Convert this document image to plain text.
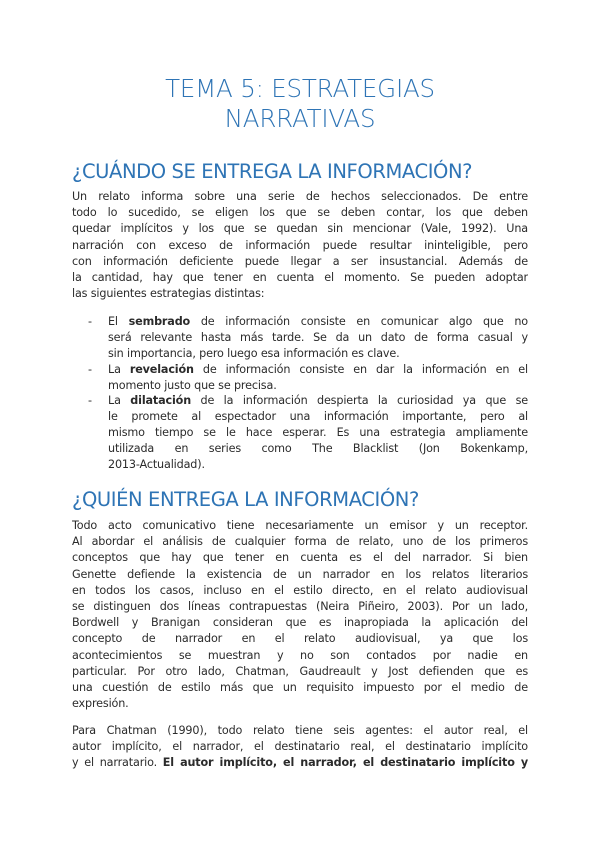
TEMA 5: ESTRATEGIAS
NARRATIVAS
¿CUÁNDO SE ENTREGA LA INFORMACIÓN?
Un relato informa sobre una serie de hechos seleccionados. De entre
todo lo sucedido, se eligen los que se deben contar, los que deben
quedar implícitos y los que se quedan sin mencionar (Vale, 1992). Una
narración con exceso de información puede resultar ininteligible, pero
con información deficiente puede llegar a ser insustancial. Además de
la cantidad, hay que tener en cuenta el momento. Se pueden adoptar
las siguientes estrategias distintas:
- El sembrado de información consiste en comunicar algo que no
será relevante hasta más tarde. Se da un dato de forma casual y
sin importancia, pero luego esa información es clave.
- La revelación de información consiste en dar la información en el
momento justo que se precisa.
- La dilatación de la información despierta la curiosidad ya que se
le promete al espectador una información importante, pero al
mismo tiempo se le hace esperar. Es una estrategia ampliamente
utilizada en series como The Blacklist (Jon Bokenkamp,
2013-Actualidad).
¿QUIÉN ENTREGA LA INFORMACIÓN?
Todo acto comunicativo tiene necesariamente un emisor y un receptor.
Al abordar el análisis de cualquier forma de relato, uno de los primeros
conceptos que hay que tener en cuenta es el del narrador. Si bien
Genette defiende la existencia de un narrador en los relatos literarios
en todos los casos, incluso en el estilo directo, en el relato audiovisual
se distinguen dos líneas contrapuestas (Neira Piñeiro, 2003). Por un lado,
Bordwell y Branigan consideran que es inapropiada la aplicación del
concepto de narrador en el relato audiovisual, ya que los
acontecimientos se muestran y no son contados por nadie en
particular. Por otro lado, Chatman, Gaudreault y Jost defienden que es
una cuestión de estilo más que un requisito impuesto por el medio de
expresión.
Para Chatman (1990), todo relato tiene seis agentes: el autor real, el
autor implícito, el narrador, el destinatario real, el destinatario implícito
y el narratario. El autor implícito, el narrador, el destinatario implícito y
